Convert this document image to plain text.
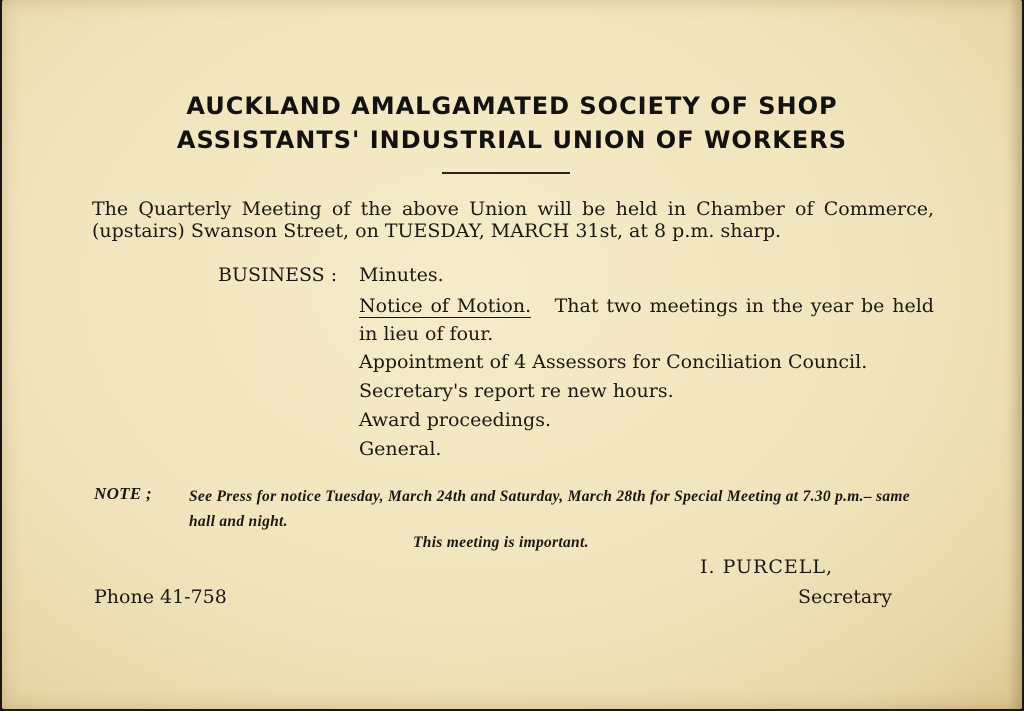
AUCKLAND AMALGAMATED SOCIETY OF SHOP
ASSISTANTS' INDUSTRIAL UNION OF WORKERS
The Quarterly Meeting of the above Union will be held in Chamber of Commerce, (upstairs) Swanson Street, on TUESDAY, MARCH 31st, at 8 p.m. sharp.
BUSINESS : Minutes.
Notice of Motion. That two meetings in the year be held in lieu of four.
Appointment of 4 Assessors for Conciliation Council.
Secretary's report re new hours.
Award proceedings.
General.
NOTE ; See Press for notice Tuesday, March 24th and Saturday, March 28th for Special Meeting at 7.30 p.m.– same hall and night.
This meeting is important.
I. PURCELL,
Phone 41-758	Secretary
